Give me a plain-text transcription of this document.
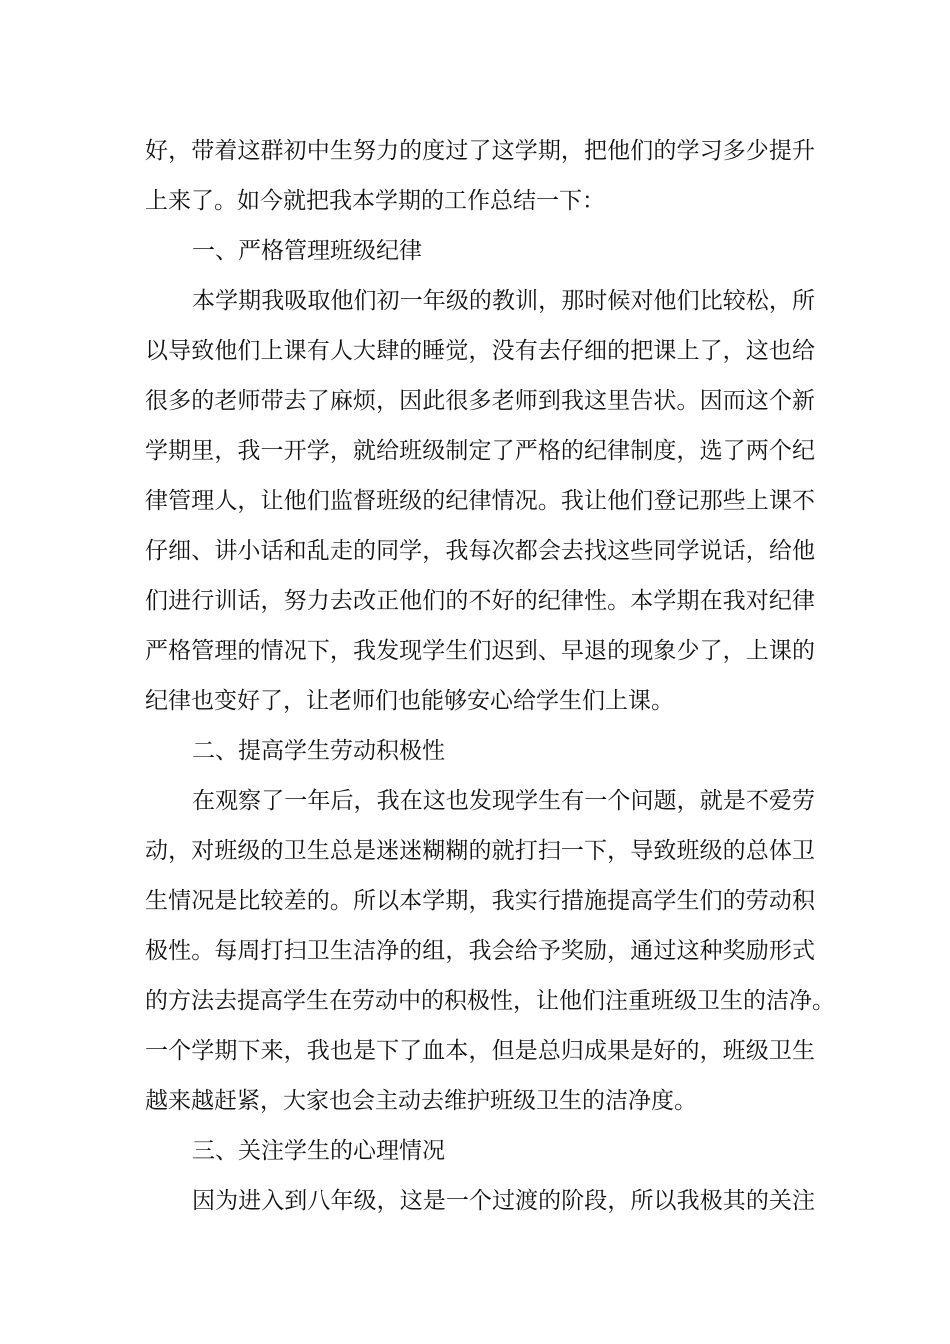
好，带着这群初中生努力的度过了这学期，把他们的学习多少提升
上来了。如今就把我本学期的工作总结一下：
一、严格管理班级纪律
本学期我吸取他们初一年级的教训，那时候对他们比较松，所
以导致他们上课有人大肆的睡觉，没有去仔细的把课上了，这也给
很多的老师带去了麻烦，因此很多老师到我这里告状。因而这个新
学期里，我一开学，就给班级制定了严格的纪律制度，选了两个纪
律管理人，让他们监督班级的纪律情况。我让他们登记那些上课不
仔细、讲小话和乱走的同学，我每次都会去找这些同学说话，给他
们进行训话，努力去改正他们的不好的纪律性。本学期在我对纪律
严格管理的情况下，我发现学生们迟到、早退的现象少了，上课的
纪律也变好了，让老师们也能够安心给学生们上课。
二、提高学生劳动积极性
在观察了一年后，我在这也发现学生有一个问题，就是不爱劳
动，对班级的卫生总是迷迷糊糊的就打扫一下，导致班级的总体卫
生情况是比较差的。所以本学期，我实行措施提高学生们的劳动积
极性。每周打扫卫生洁净的组，我会给予奖励，通过这种奖励形式
的方法去提高学生在劳动中的积极性，让他们注重班级卫生的洁净。
一个学期下来，我也是下了血本，但是总归成果是好的，班级卫生
越来越赶紧，大家也会主动去维护班级卫生的洁净度。
三、关注学生的心理情况
因为进入到八年级，这是一个过渡的阶段，所以我极其的关注
